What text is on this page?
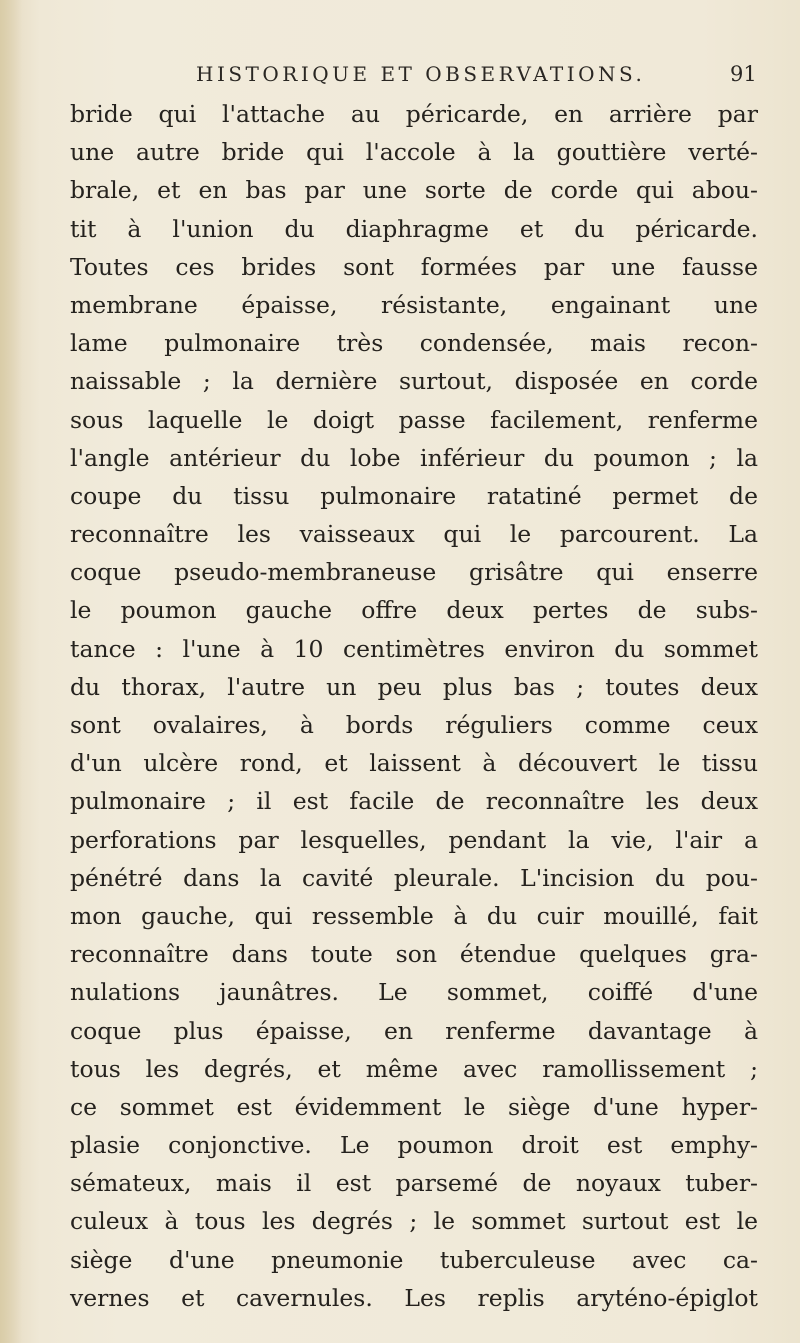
HISTORIQUE ET OBSERVATIONS.	91
bride qui l'attache au péricarde, en arrière par
une autre bride qui l'accole à la gouttière verté-
brale, et en bas par une sorte de corde qui abou-
tit à l'union du diaphragme et du péricarde.
Toutes ces brides sont formées par une fausse
membrane épaisse, résistante, engainant une
lame pulmonaire très condensée, mais recon-
naissable ; la dernière surtout, disposée en corde
sous laquelle le doigt passe facilement, renferme
l'angle antérieur du lobe inférieur du poumon ; la
coupe du tissu pulmonaire ratatiné permet de
reconnaître les vaisseaux qui le parcourent. La
coque pseudo-membraneuse grisâtre qui enserre
le poumon gauche offre deux pertes de subs-
tance : l'une à 10 centimètres environ du sommet
du thorax, l'autre un peu plus bas ; toutes deux
sont ovalaires, à bords réguliers comme ceux
d'un ulcère rond, et laissent à découvert le tissu
pulmonaire ; il est facile de reconnaître les deux
perforations par lesquelles, pendant la vie, l'air a
pénétré dans la cavité pleurale. L'incision du pou-
mon gauche, qui ressemble à du cuir mouillé, fait
reconnaître dans toute son étendue quelques gra-
nulations jaunâtres. Le sommet, coiffé d'une
coque plus épaisse, en renferme davantage à
tous les degrés, et même avec ramollissement ;
ce sommet est évidemment le siège d'une hyper-
plasie conjonctive. Le poumon droit est emphy-
sémateux, mais il est parsemé de noyaux tuber-
culeux à tous les degrés ; le sommet surtout est le
siège d'une pneumonie tuberculeuse avec ca-
vernes et cavernules. Les replis aryténo-épiglot
